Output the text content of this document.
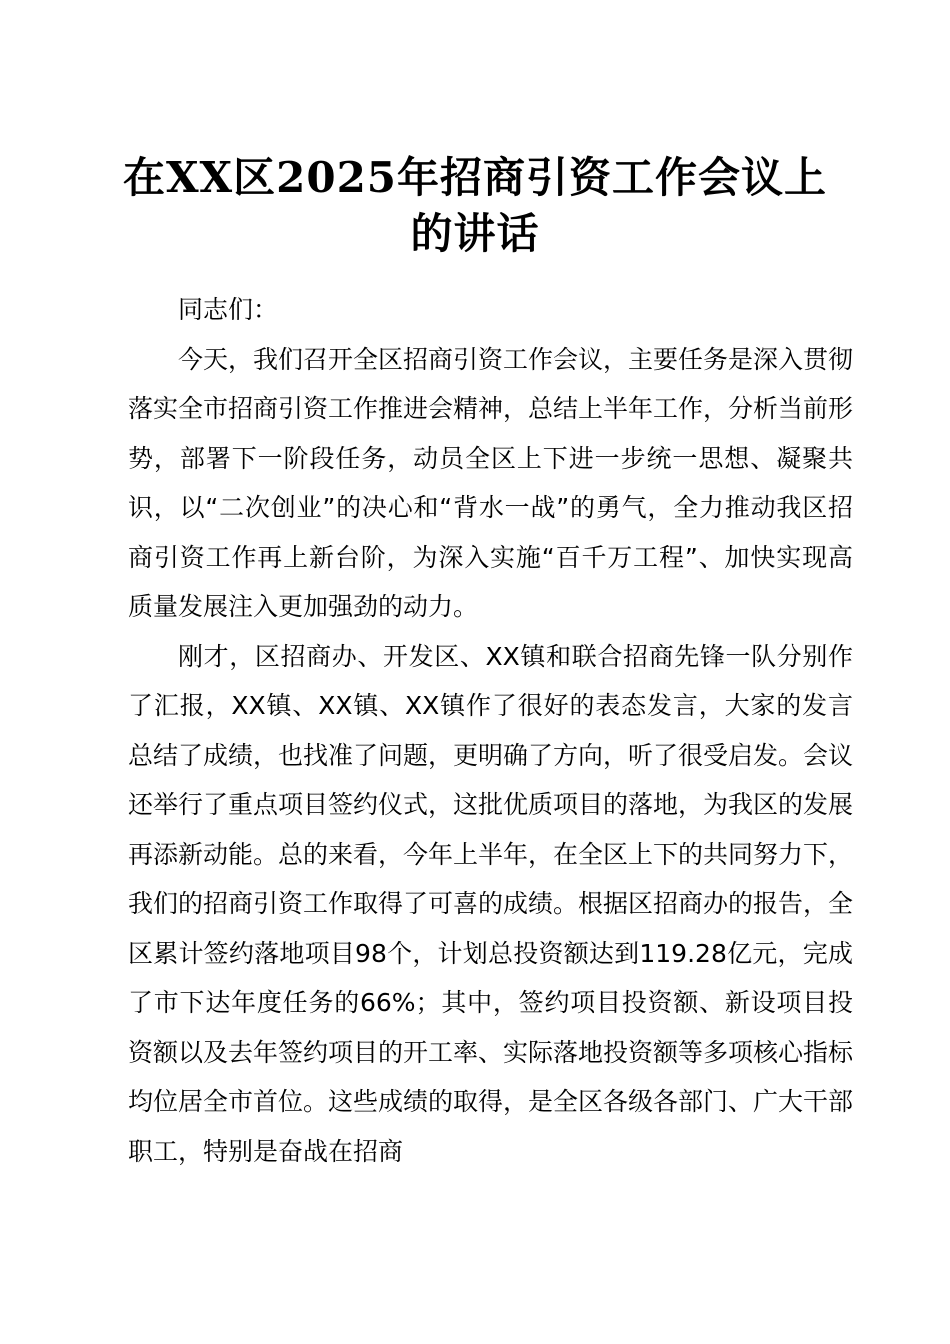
在XX区2025年招商引资工作会议上的讲话

同志们：

今天，我们召开全区招商引资工作会议，主要任务是深入贯彻落实全市招商引资工作推进会精神，总结上半年工作，分析当前形势，部署下一阶段任务，动员全区上下进一步统一思想、凝聚共识，以“二次创业”的决心和“背水一战”的勇气，全力推动我区招商引资工作再上新台阶，为深入实施“百千万工程”、加快实现高质量发展注入更加强劲的动力。

刚才，区招商办、开发区、XX镇和联合招商先锋一队分别作了汇报，XX镇、XX镇、XX镇作了很好的表态发言，大家的发言总结了成绩，也找准了问题，更明确了方向，听了很受启发。会议还举行了重点项目签约仪式，这批优质项目的落地，为我区的发展再添新动能。总的来看，今年上半年，在全区上下的共同努力下，我们的招商引资工作取得了可喜的成绩。根据区招商办的报告，全区累计签约落地项目98个，计划总投资额达到119.28亿元，完成了市下达年度任务的66%；其中，签约项目投资额、新设项目投资额以及去年签约项目的开工率、实际落地投资额等多项核心指标均位居全市首位。这些成绩的取得，是全区各级各部门、广大干部职工，特别是奋战在招商
